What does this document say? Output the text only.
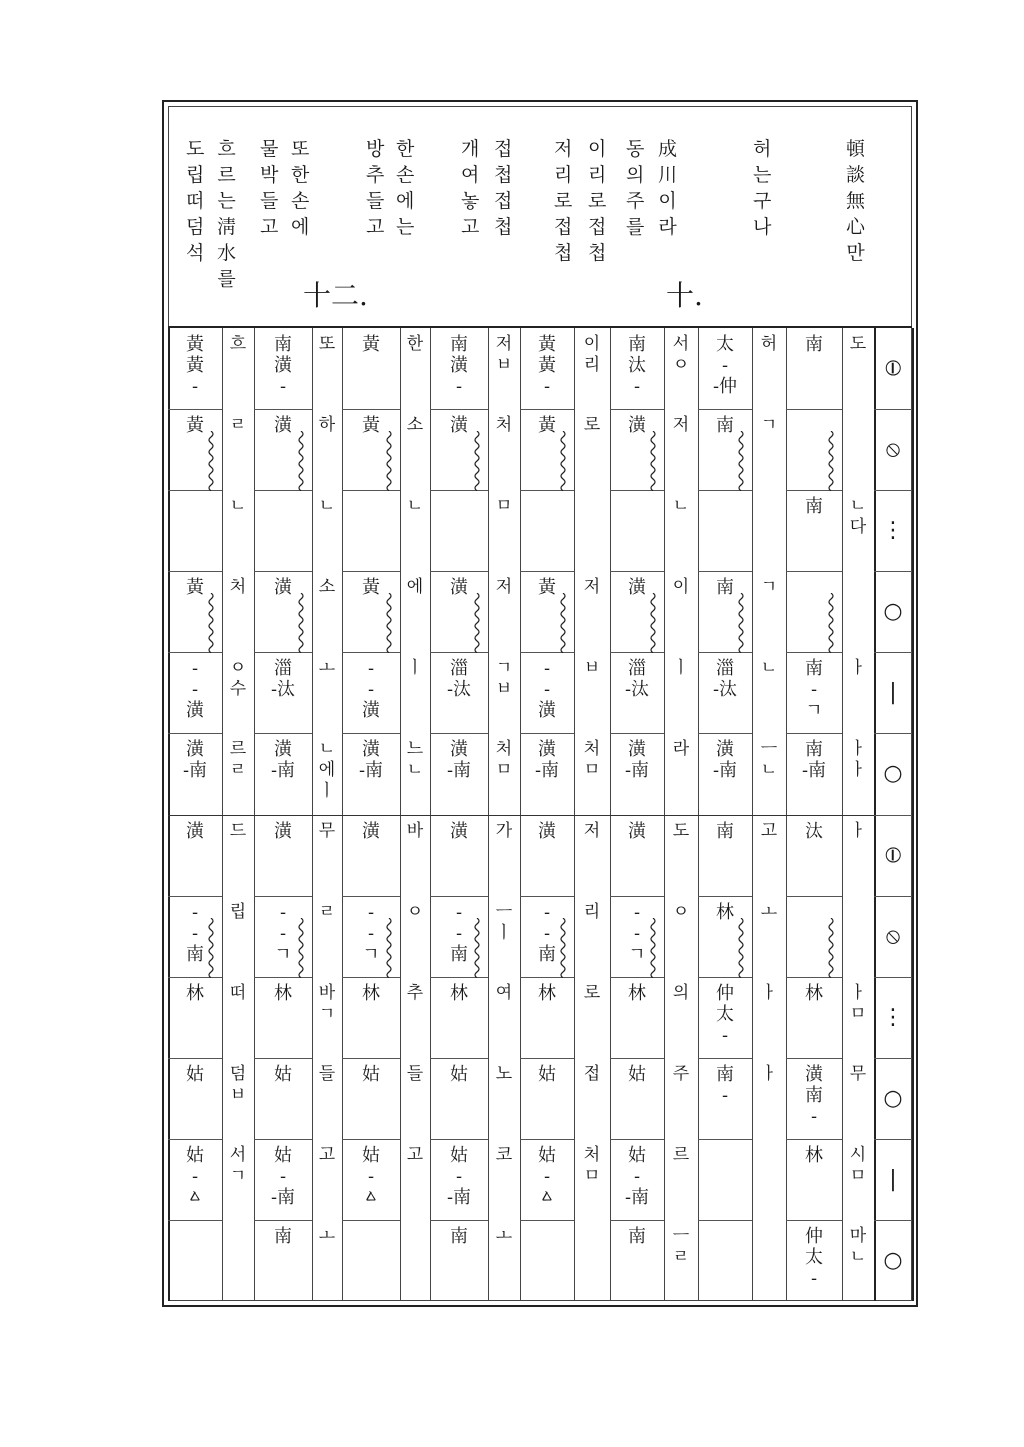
頓
談
無
心
만
허
는
구
나
成
川
이
라
동
의
주
를
이
리
로
접
첩
저
리
로
접
첩
접
첩
접
첩
개
여
놓
고
한
손
에
는
방
추
들
고
또
한
손
에
물
박
들
고
흐
르
는
淸
水
를
도
립
떠
덤
석
十.
十二.
⦶
⦸
⋮
○
|
○
⦶
⦸
⋮
○
|
○
도
ㄴ
다
ㅏ
ㅏ
ㅏ
ㅏ
ㅏ
ㅁ
무
시
ㅁ
마
ㄴ
南
南
南
-
ㄱ
南
-南
汰
林
潢
南
-
林
仲
太
-
허
ㄱ
ㄱ
ㄴ
ㅡ
ㄴ
고
ㅗ
ㅏ
ㅏ
太
-
-仲
南
南
湽
-汰
潢
-南
南
林
仲
太
-
南
-
서
ㅇ
저
ㄴ
이
ㅣ
라
도
ㅇ
의
주
르
ㅡ
ㄹ
南
汰
-
潢
潢
湽
-汰
潢
-南
潢
-
-
ㄱ
林
姑
姑
-
-南
南
이
리
로
저
ㅂ
처
ㅁ
저
리
로
접
처
ㅁ
黃
黃
-
黃
黃
-
-
潢
潢
-南
潢
-
-
南
林
姑
姑
-
ㅿ
저
ㅂ
처
ㅁ
저
ㄱ
ㅂ
처
ㅁ
가
ㅡ
ㅣ
여
노
코
ㅗ
南
潢
-
潢
潢
湽
-汰
潢
-南
潢
-
-
南
林
姑
姑
-
-南
南
한
소
ㄴ
에
ㅣ
느
ㄴ
바
ㅇ
추
들
고
黃
黃
黃
-
-
潢
潢
-南
潢
-
-
ㄱ
林
姑
姑
-
ㅿ
또
하
ㄴ
소
ㅗ
ㄴ
에
ㅣ
무
ㄹ
바
ㄱ
들
고
ㅗ
南
潢
-
潢
潢
湽
-汰
潢
-南
潢
-
-
ㄱ
林
姑
姑
-
-南
南
흐
ㄹ
ㄴ
처
ㅇ
수
르
ㄹ
드
립
떠
덤
ㅂ
서
ㄱ
黃
黃
-
黃
黃
-
-
潢
潢
-南
潢
-
-
南
林
姑
姑
-
ㅿ
